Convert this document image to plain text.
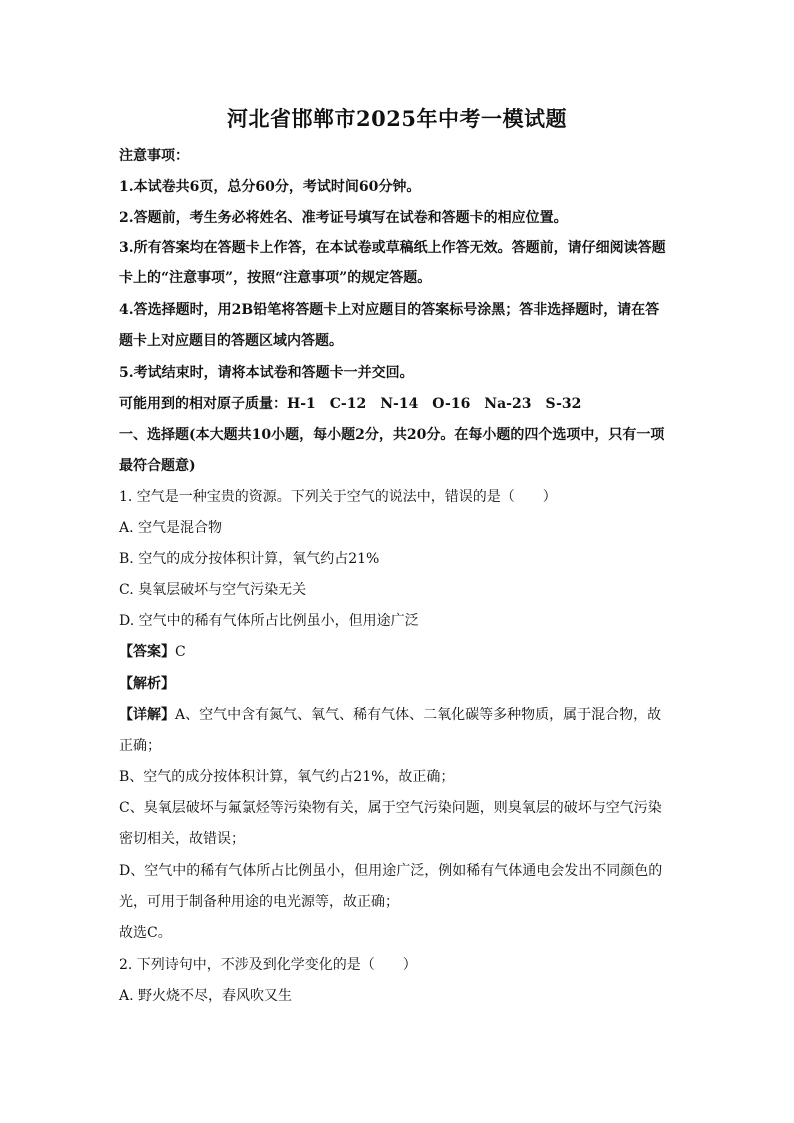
河北省邯郸市2025年中考一模试题
注意事项：
1.本试卷共6页，总分60分，考试时间60分钟。
2.答题前，考生务必将姓名、准考证号填写在试卷和答题卡的相应位置。
3.所有答案均在答题卡上作答，在本试卷或草稿纸上作答无效。答题前，请仔细阅读答题
卡上的“注意事项”，按照“注意事项”的规定答题。
4.答选择题时，用2B铅笔将答题卡上对应题目的答案标号涂黑；答非选择题时，请在答
题卡上对应题目的答题区域内答题。
5.考试结束时，请将本试卷和答题卡一并交回。
可能用到的相对原子质量：H-1　C-12　N-14　O-16　Na-23　S-32
一、选择题(本大题共10小题，每小题2分，共20分。在每小题的四个选项中，只有一项
最符合题意)
1. 空气是一种宝贵的资源。下列关于空气的说法中，错误的是（　　）
A. 空气是混合物
B. 空气的成分按体积计算，氧气约占21%
C. 臭氧层破坏与空气污染无关
D. 空气中的稀有气体所占比例虽小，但用途广泛
【答案】C
【解析】
【详解】A、空气中含有氮气、氧气、稀有气体、二氧化碳等多种物质，属于混合物，故
正确；
B、空气的成分按体积计算，氧气约占21%，故正确；
C、臭氧层破坏与氟氯烃等污染物有关，属于空气污染问题，则臭氧层的破坏与空气污染
密切相关，故错误；
D、空气中的稀有气体所占比例虽小，但用途广泛，例如稀有气体通电会发出不同颜色的
光，可用于制备种用途的电光源等，故正确；
故选C。
2. 下列诗句中，不涉及到化学变化的是（　　）
A. 野火烧不尽，春风吹又生
